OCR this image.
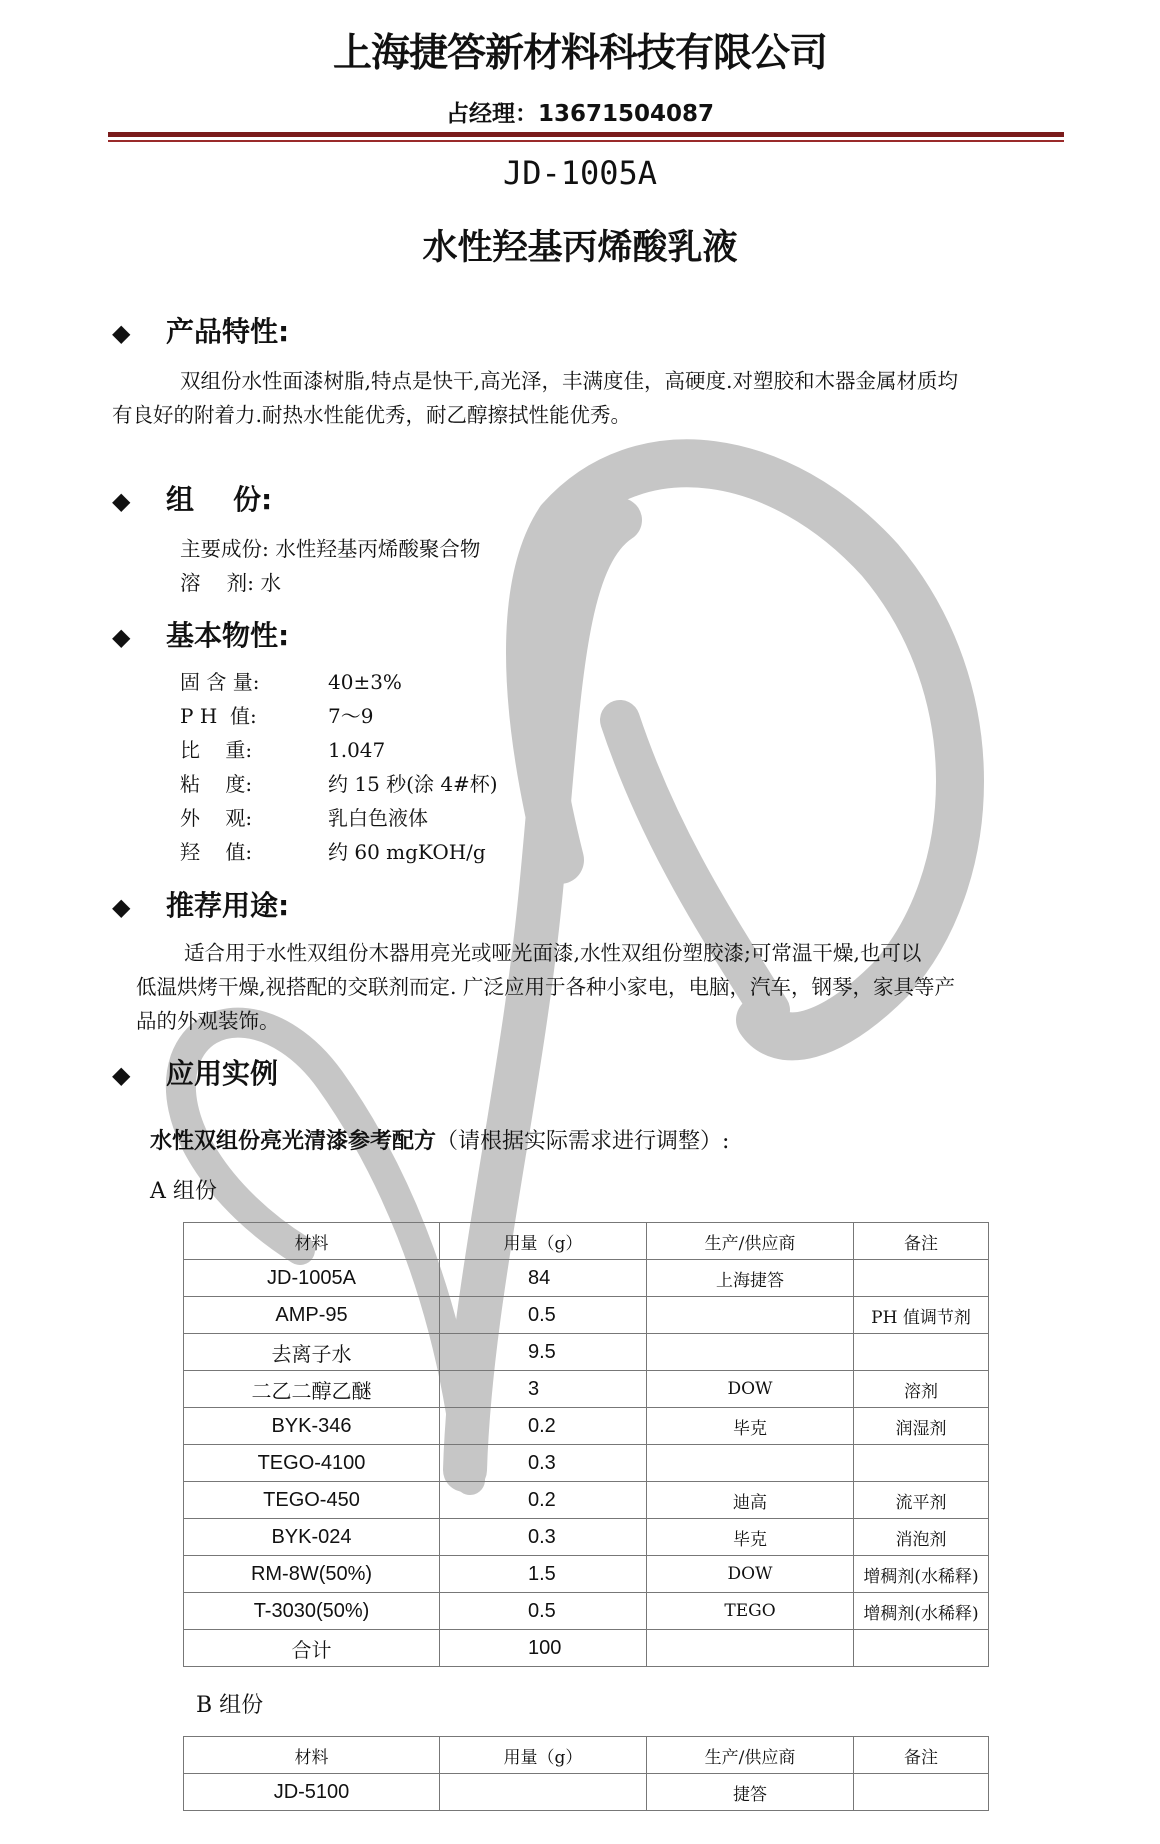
上海捷答新材料科技有限公司
占经理：13671504087
JD-1005A
水性羟基丙烯酸乳液
◆ 产品特性:
双组份水性面漆树脂,特点是快干,高光泽，丰满度佳，高硬度.对塑胶和木器金属材质均
有良好的附着力.耐热水性能优秀，耐乙醇擦拭性能优秀。
◆ 组    份:
主要成份: 水性羟基丙烯酸聚合物
溶    剂: 水
◆ 基本物性:
固 含 量:	40±3%
P H  值:	7～9
比    重:	1.047
粘    度:	约 15 秒(涂 4#杯)
外    观:	乳白色液体
羟    值:	约 60 mgKOH/g
◆ 推荐用途:
适合用于水性双组份木器用亮光或哑光面漆,水性双组份塑胶漆;可常温干燥,也可以
低温烘烤干燥,视搭配的交联剂而定. 广泛应用于各种小家电，电脑，汽车，钢琴，家具等产
品的外观装饰。
◆ 应用实例
水性双组份亮光清漆参考配方（请根据实际需求进行调整）:
A 组份
材料	用量（g）	生产/供应商	备注
JD-1005A	84	上海捷答	
AMP-95	0.5		PH 值调节剂
去离子水	9.5		
二乙二醇乙醚	3	DOW	溶剂
BYK-346	0.2	毕克	润湿剂
TEGO-4100	0.3		
TEGO-450	0.2	迪高	流平剂
BYK-024	0.3	毕克	消泡剂
RM-8W(50%)	1.5	DOW	增稠剂(水稀释)
T-3030(50%)	0.5	TEGO	增稠剂(水稀释)
合计	100		
B 组份
材料	用量（g）	生产/供应商	备注
JD-5100		捷答	
